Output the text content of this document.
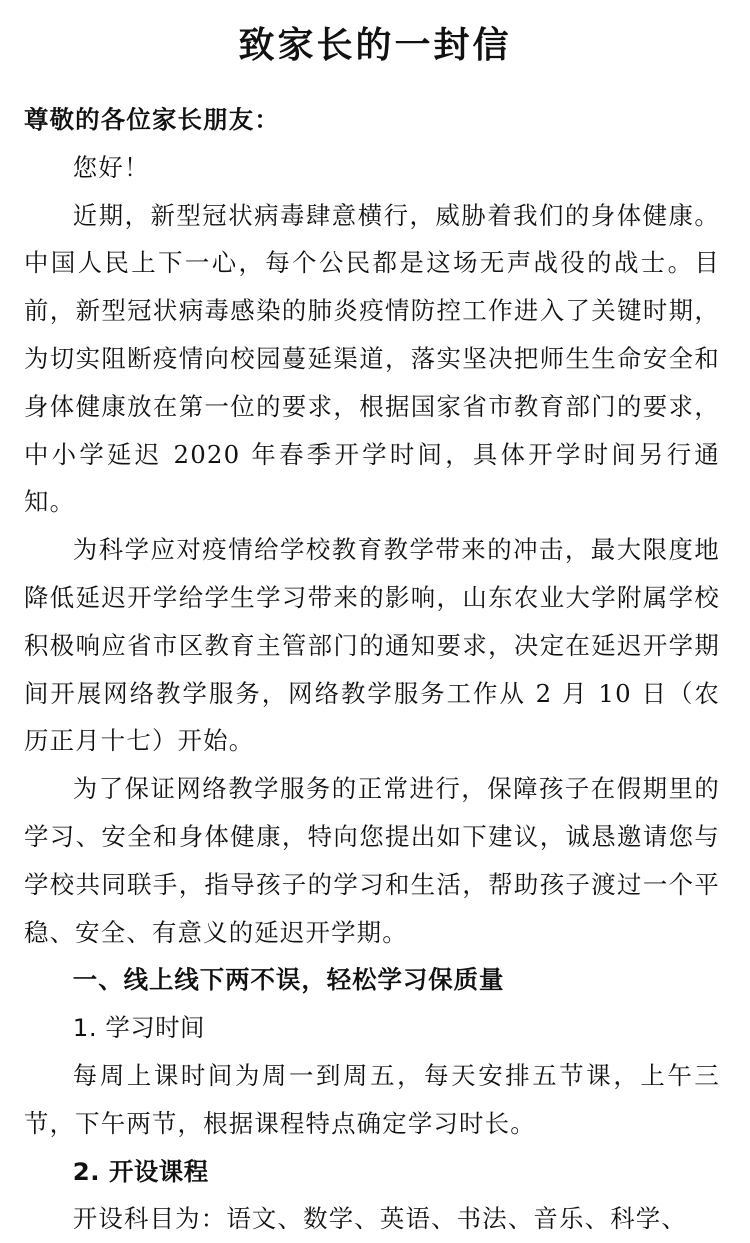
致家长的一封信

尊敬的各位家长朋友：

您好！

近期，新型冠状病毒肆意横行，威胁着我们的身体健康。中国人民上下一心，每个公民都是这场无声战役的战士。目前，新型冠状病毒感染的肺炎疫情防控工作进入了关键时期，为切实阻断疫情向校园蔓延渠道，落实坚决把师生生命安全和身体健康放在第一位的要求，根据国家省市教育部门的要求，中小学延迟 2020 年春季开学时间，具体开学时间另行通知。

为科学应对疫情给学校教育教学带来的冲击，最大限度地降低延迟开学给学生学习带来的影响，山东农业大学附属学校积极响应省市区教育主管部门的通知要求，决定在延迟开学期间开展网络教学服务，网络教学服务工作从 2 月 10 日（农历正月十七）开始。

为了保证网络教学服务的正常进行，保障孩子在假期里的学习、安全和身体健康，特向您提出如下建议，诚恳邀请您与学校共同联手，指导孩子的学习和生活，帮助孩子渡过一个平稳、安全、有意义的延迟开学期。

一、线上线下两不误，轻松学习保质量

1. 学习时间

每周上课时间为周一到周五，每天安排五节课，上午三节，下午两节，根据课程特点确定学习时长。

2. 开设课程

开设科目为：语文、数学、英语、书法、音乐、科学、
